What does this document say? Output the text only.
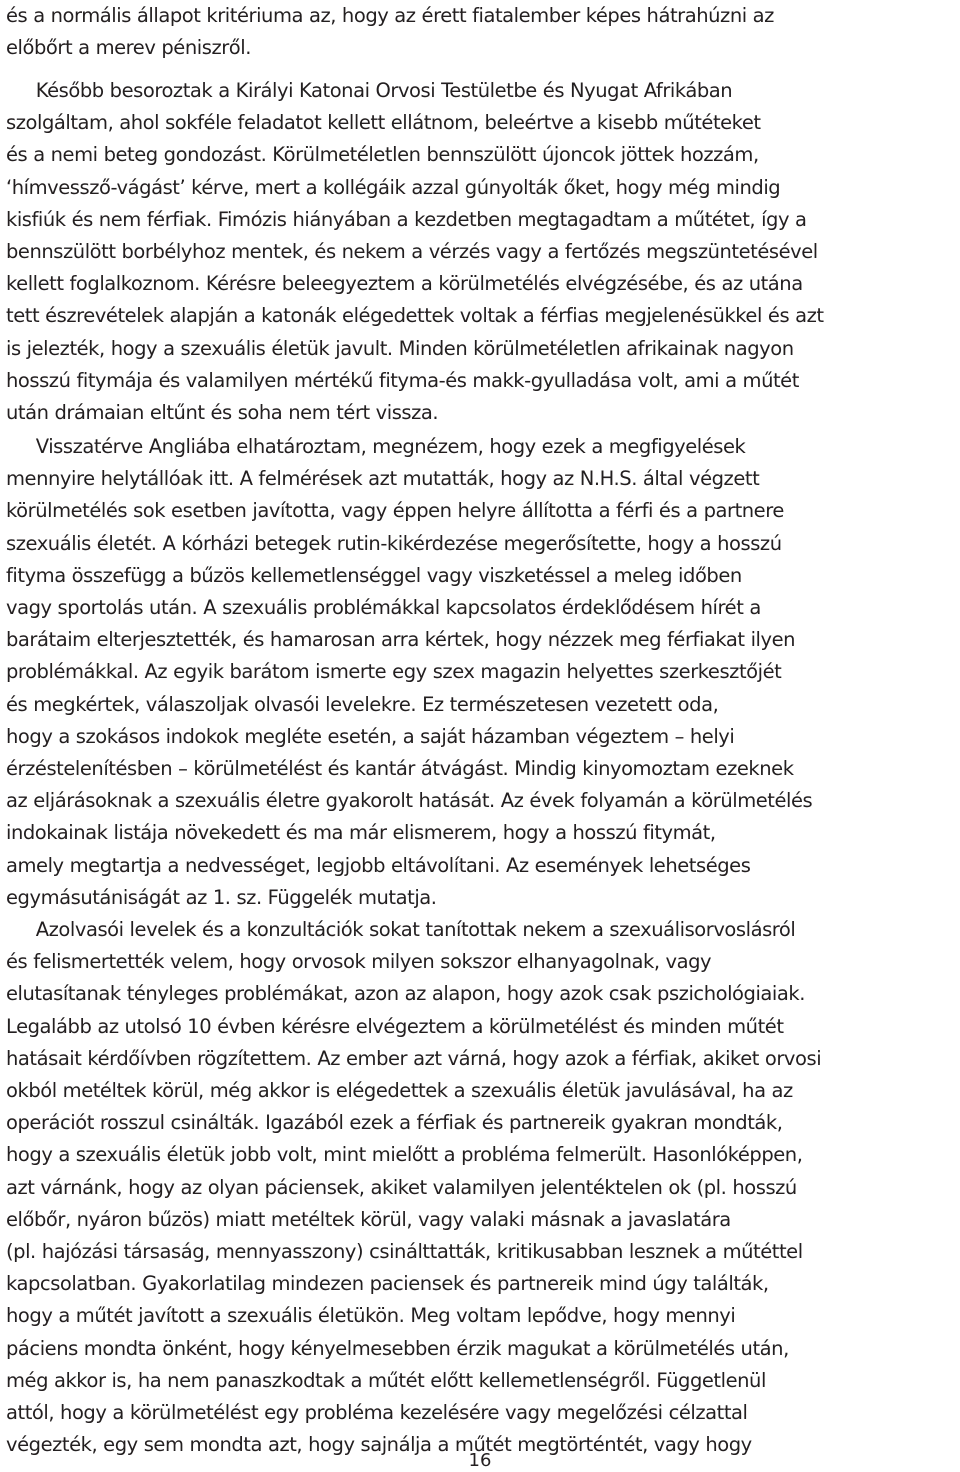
és a normális állapot kritériuma az, hogy az érett fiatalember képes hátrahúzni az
előbőrt a merev péniszről.
Később besoroztak a Királyi Katonai Orvosi Testületbe és Nyugat Afrikában
szolgáltam, ahol sokféle feladatot kellett ellátnom, beleértve a kisebb műtéteket
és a nemi beteg gondozást. Körülmetéletlen bennszülött újoncok jöttek hozzám,
‘hímvessző-vágást’ kérve, mert a kollégáik azzal gúnyolták őket, hogy még mindig
kisfiúk és nem férfiak. Fimózis hiányában a kezdetben megtagadtam a műtétet, így a
bennszülött borbélyhoz mentek, és nekem a vérzés vagy a fertőzés megszüntetésével
kellett foglalkoznom. Kérésre beleegyeztem a körülmetélés elvégzésébe, és az utána
tett észrevételek alapján a katonák elégedettek voltak a férfias megjelenésükkel és azt
is jelezték, hogy a szexuális életük javult. Minden körülmetéletlen afrikainak nagyon
hosszú fitymája és valamilyen mértékű fityma-és makk-gyulladása volt, ami a műtét
után drámaian eltűnt és soha nem tért vissza.
Visszatérve Angliába elhatároztam, megnézem, hogy ezek a megfigyelések
mennyire helytállóak itt. A felmérések azt mutatták, hogy az N.H.S. által végzett
körülmetélés sok esetben javította, vagy éppen helyre állította a férfi és a partnere
szexuális életét. A kórházi betegek rutin-kikérdezése megerősítette, hogy a hosszú
fityma összefügg a bűzös kellemetlenséggel vagy viszketéssel a meleg időben
vagy sportolás után. A szexuális problémákkal kapcsolatos érdeklődésem hírét a
barátaim elterjesztették, és hamarosan arra kértek, hogy nézzek meg férfiakat ilyen
problémákkal. Az egyik barátom ismerte egy szex magazin helyettes szerkesztőjét
és megkértek, válaszoljak olvasói levelekre. Ez természetesen vezetett oda,
hogy a szokásos indokok megléte esetén, a saját házamban végeztem – helyi
érzéstelenítésben – körülmetélést és kantár átvágást. Mindig kinyomoztam ezeknek
az eljárásoknak a szexuális életre gyakorolt hatását. Az évek folyamán a körülmetélés
indokainak listája növekedett és ma már elismerem, hogy a hosszú fitymát,
amely megtartja a nedvességet, legjobb eltávolítani. Az események lehetséges
egymásutániságát az 1. sz. Függelék mutatja.
Azolvasói levelek és a konzultációk sokat tanítottak nekem a szexuálisorvoslásról
és felismertették velem, hogy orvosok milyen sokszor elhanyagolnak, vagy
elutasítanak tényleges problémákat, azon az alapon, hogy azok csak pszichológiaiak.
Legalább az utolsó 10 évben kérésre elvégeztem a körülmetélést és minden műtét
hatásait kérdőívben rögzítettem. Az ember azt várná, hogy azok a férfiak, akiket orvosi
okból metéltek körül, még akkor is elégedettek a szexuális életük javulásával, ha az
operációt rosszul csinálták. Igazából ezek a férfiak és partnereik gyakran mondták,
hogy a szexuális életük jobb volt, mint mielőtt a probléma felmerült. Hasonlóképpen,
azt várnánk, hogy az olyan páciensek, akiket valamilyen jelentéktelen ok (pl. hosszú
előbőr, nyáron bűzös) miatt metéltek körül, vagy valaki másnak a javaslatára
(pl. hajózási társaság, mennyasszony) csinálttatták, kritikusabban lesznek a műtéttel
kapcsolatban. Gyakorlatilag mindezen paciensek és partnereik mind úgy találták,
hogy a műtét javított a szexuális életükön. Meg voltam lepődve, hogy mennyi
páciens mondta önként, hogy kényelmesebben érzik magukat a körülmetélés után,
még akkor is, ha nem panaszkodtak a műtét előtt kellemetlenségről. Függetlenül
attól, hogy a körülmetélést egy probléma kezelésére vagy megelőzési célzattal
végezték, egy sem mondta azt, hogy sajnálja a műtét megtörténtét, vagy hogy
16
